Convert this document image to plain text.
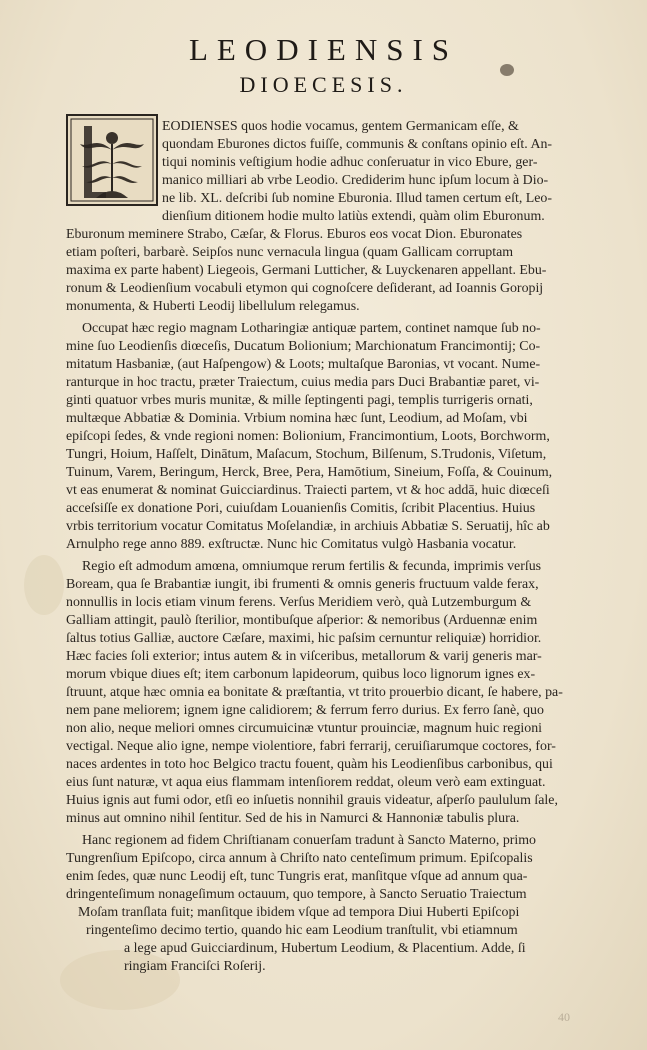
LEODIENSIS
DIOECESIS.
EODIENSES quos hodie vocamus, gentem Germanicam eſſe, &
quondam Eburones dictos fuiſſe, communis & conſtans opinio eſt. An-
tiqui nominis veſtigium hodie adhuc conſeruatur in vico Ebure, ger-
manico milliari ab vrbe Leodio. Crediderim hunc ipſum locum à Dio-
ne lib. XL. deſcribi ſub nomine Eburonia. Illud tamen certum eſt, Leo-
dienſium ditionem hodie multo latiùs extendi, quàm olim Eburonum.
Eburonum meminere Strabo, Cæſar, & Florus. Eburos eos vocat Dion. Eburonates
etiam poſteri, barbarè. Seipſos nunc vernacula lingua (quam Gallicam corruptam
maxima ex parte habent) Liegeois, Germani Lutticher, & Luyckenaren appellant. Ebu-
ronum & Leodienſium vocabuli etymon qui cognoſcere deſiderant, ad Ioannis Goropij
monumenta, & Huberti Leodij libellulum relegamus.
Occupat hæc regio magnam Lotharingiæ antiquæ partem, continet namque ſub no-
mine ſuo Leodienſis diœceſis, Ducatum Bolionium; Marchionatum Francimontij; Co-
mitatum Hasbaniæ, (aut Haſpengow) & Loots; multaſque Baronias, vt vocant. Nume-
ranturque in hoc tractu, præter Traiectum, cuius media pars Duci Brabantiæ paret, vi-
ginti quatuor vrbes muris munitæ, & mille ſeptingenti pagi, templis turrigeris ornati,
multæque Abbatiæ & Dominia. Vrbium nomina hæc ſunt, Leodium, ad Moſam, vbi
epiſcopi ſedes, & vnde regioni nomen: Bolionium, Francimontium, Loots, Borchworm,
Tungri, Hoium, Haſſelt, Dinātum, Maſacum, Stochum, Bilſenum, S.Trudonis, Viſetum,
Tuinum, Varem, Beringum, Herck, Bree, Pera, Hamōtium, Sineium, Foſſa, & Couinum,
vt eas enumerat & nominat Guicciardinus. Traiecti partem, vt & hoc addā, huic diœceſi
acceſsiſſe ex donatione Pori, cuiuſdam Louanienſis Comitis, ſcribit Placentius. Huius
vrbis territorium vocatur Comitatus Moſelandiæ, in archiuis Abbatiæ S. Seruatij, hîc ab
Arnulpho rege anno 889. exſtructæ. Nunc hic Comitatus vulgò Hasbania vocatur.
Regio eſt admodum amœna, omniumque rerum fertilis & fecunda, imprimis verſus
Boream, qua ſe Brabantiæ iungit, ibi frumenti & omnis generis fructuum valde ferax,
nonnullis in locis etiam vinum ferens. Verſus Meridiem verò, quà Lutzemburgum &
Galliam attingit, paulò ſterilior, montibuſque aſperior: & nemoribus (Arduennæ enim
ſaltus totius Galliæ, auctore Cæſare, maximi, hic paſsim cernuntur reliquiæ) horridior.
Hæc facies ſoli exterior; intus autem & in viſceribus, metallorum & varij generis mar-
morum vbique diues eſt; item carbonum lapideorum, quibus loco lignorum ignes ex-
ſtruunt, atque hæc omnia ea bonitate & præſtantia, vt trito prouerbio dicant, ſe habere, pa-
nem pane meliorem; ignem igne calidiorem; & ferrum ferro durius. Ex ferro ſanè, quo
non alio, neque meliori omnes circumuicinæ vtuntur prouinciæ, magnum huic regioni
vectigal. Neque alio igne, nempe violentiore, fabri ferrarij, ceruiſiarumque coctores, for-
naces ardentes in toto hoc Belgico tractu fouent, quàm his Leodienſibus carbonibus, qui
eius ſunt naturæ, vt aqua eius flammam intenſiorem reddat, oleum verò eam extinguat.
Huius ignis aut fumi odor, etſi eo inſuetis nonnihil grauis videatur, aſperſo paululum ſale,
minus aut omnino nihil ſentitur. Sed de his in Namurci & Hannoniæ tabulis plura.
Hanc regionem ad fidem Chriſtianam conuerſam tradunt à Sancto Materno, primo
Tungrenſium Epiſcopo, circa annum à Chriſto nato centeſimum primum. Epiſcopalis
enim ſedes, quæ nunc Leodij eſt, tunc Tungris erat, manſitque vſque ad annum qua-
dringenteſimum nonageſimum octauum, quo tempore, à Sancto Seruatio Traiectum
Moſam tranſlata fuit; manſitque ibidem vſque ad tempora Diui Huberti Epiſcopi
ringenteſimo decimo tertio, quando hic eam Leodium tranſtulit, vbi etiamnum
a lege apud Guicciardinum, Hubertum Leodium, & Placentium. Adde, ſi
ringiam Franciſci Roſerij.
40
